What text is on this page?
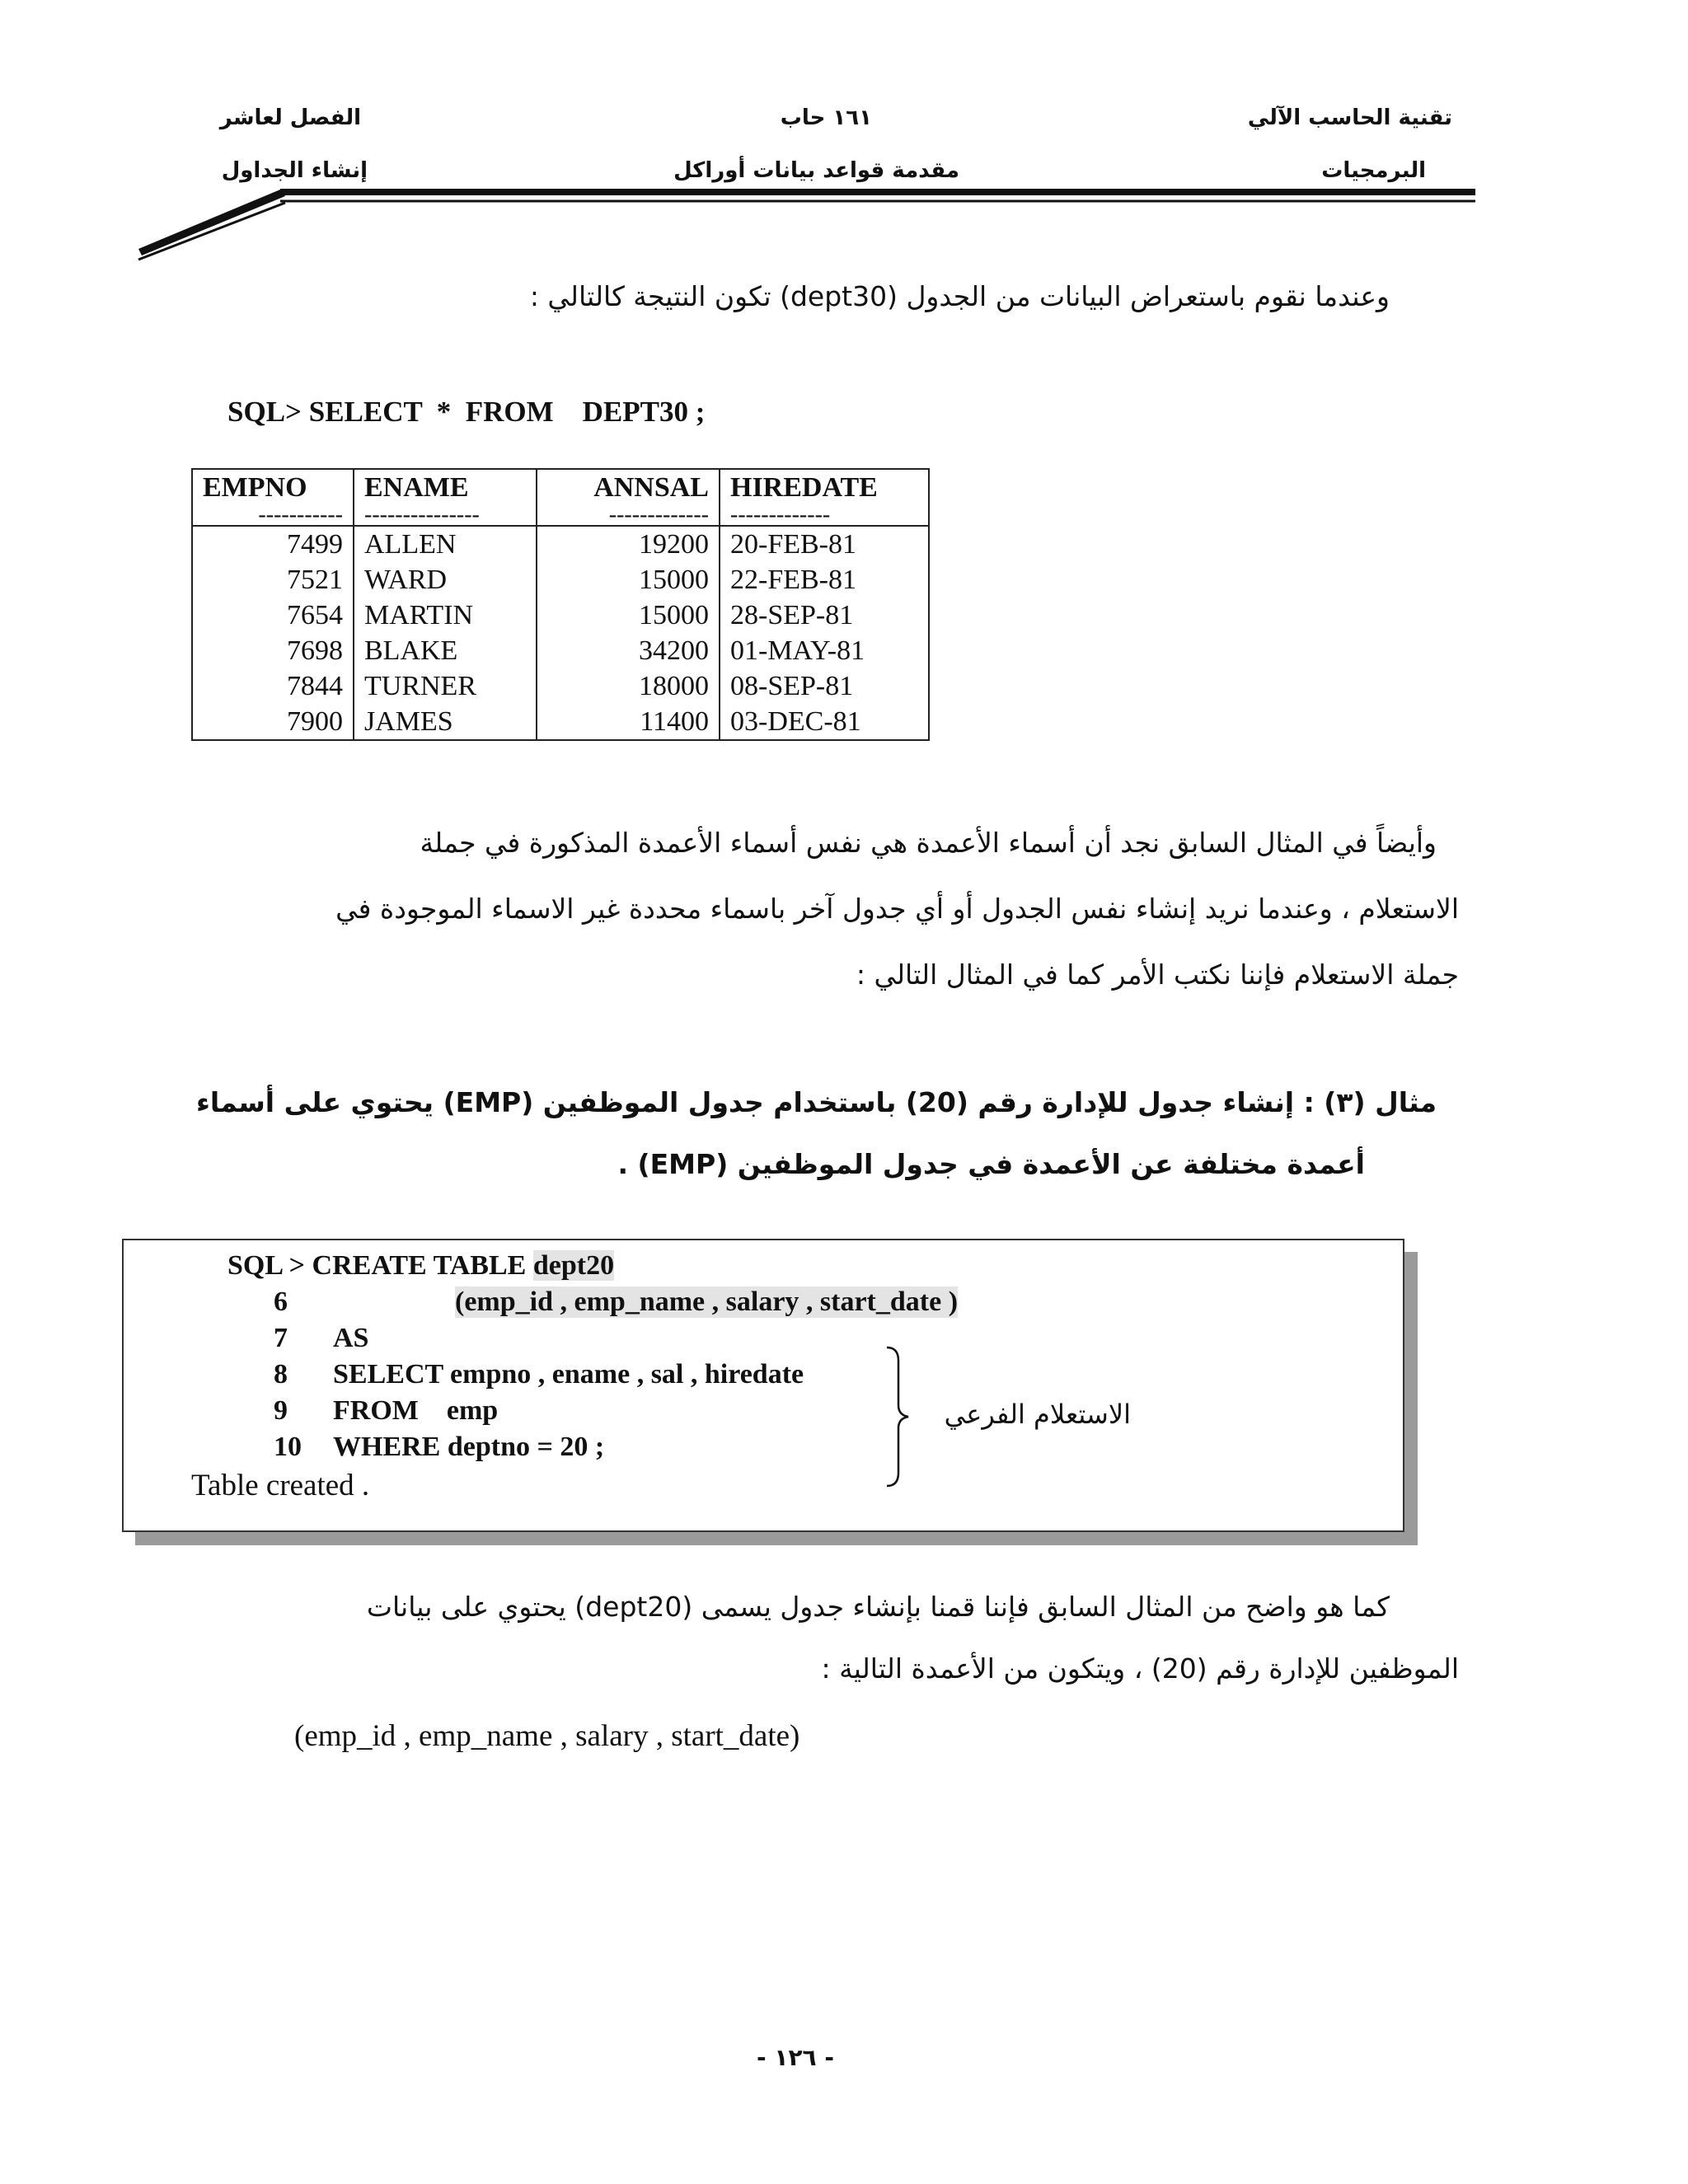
تقنية الحاسب الآلي
البرمجيات
١٦١ حاب
مقدمة قواعد بيانات أوراكل
الفصل لعاشر
إنشاء الجداول
وعندما نقوم باستعراض البيانات من الجدول (dept30) تكون النتيجة كالتالي :
SQL> SELECT  *  FROM    DEPT30 ;
EMPNO	ENAME	ANNSAL	HIREDATE
-----------	---------------	-------------	-------------
7499	ALLEN	19200	20-FEB-81
7521	WARD	15000	22-FEB-81
7654	MARTIN	15000	28-SEP-81
7698	BLAKE	34200	01-MAY-81
7844	TURNER	18000	08-SEP-81
7900	JAMES	11400	03-DEC-81
وأيضاً في المثال السابق نجد أن أسماء الأعمدة هي نفس أسماء الأعمدة المذكورة في جملة
الاستعلام ، وعندما نريد إنشاء نفس الجدول أو أي جدول آخر باسماء محددة غير الاسماء الموجودة في
جملة الاستعلام فإننا نكتب الأمر كما في المثال التالي :
مثال (٣) : إنشاء جدول للإدارة رقم (20) باستخدام جدول الموظفين (EMP) يحتوي على أسماء
أعمدة مختلفة عن الأعمدة في جدول الموظفين (EMP) .
SQL > CREATE TABLE dept20
6	(emp_id , emp_name , salary , start_date )
7 AS
8 SELECT empno , ename , sal , hiredate
9 FROM    emp
10 WHERE deptno = 20 ;
Table created .
الاستعلام الفرعي
كما هو واضح من المثال السابق فإننا قمنا بإنشاء جدول يسمى (dept20) يحتوي على بيانات
الموظفين للإدارة رقم (20) ، ويتكون من الأعمدة التالية :
(emp_id , emp_name , salary , start_date)
- ١٢٦ -
